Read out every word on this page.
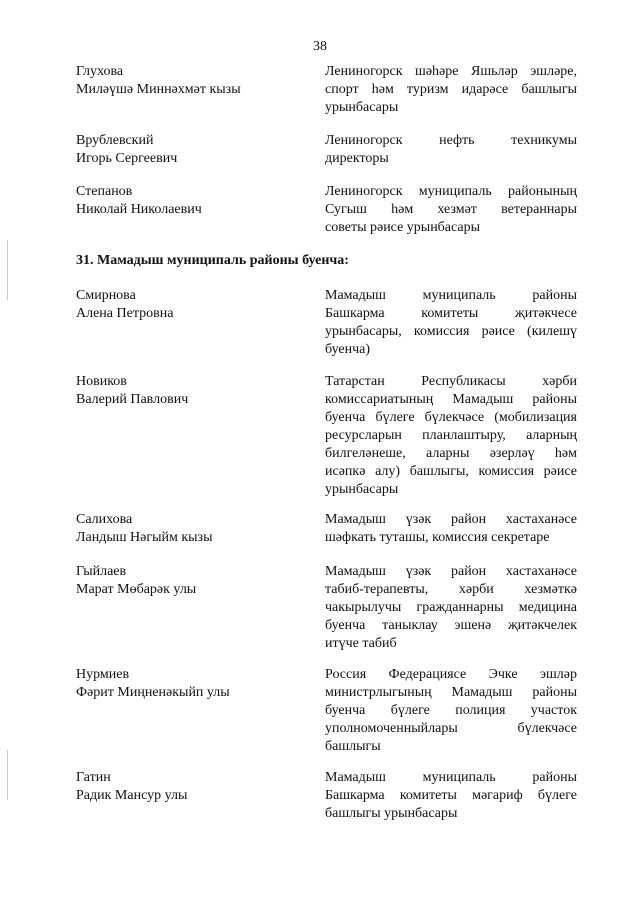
38
Глухова
Миләүшә Миннәхмәт кызы
Лениногорск шәһәре Яшьләр эшләре,
спорт һәм туризм идарәсе башлыгы
урынбасары
Врублевский
Игорь Сергеевич
Лениногорск нефть техникумы
директоры
Степанов
Николай Николаевич
Лениногорск муниципаль районының
Сугыш һәм хезмәт ветераннары
советы рәисе урынбасары
31. Мамадыш муниципаль районы буенча:
Смирнова
Алена Петровна
Мамадыш муниципаль районы
Башкарма комитеты җитәкчесе
урынбасары, комиссия рәисе (килешү
буенча)
Новиков
Валерий Павлович
Татарстан Республикасы хәрби
комиссариатының Мамадыш районы
буенча бүлеге бүлекчәсе (мобилизация
ресурсларын планлаштыру, аларның
билгеләнеше, аларны әзерләү һәм
исәпкә алу) башлыгы, комиссия рәисе
урынбасары
Салихова
Ландыш Нәгыйм кызы
Мамадыш үзәк район хастаханәсе
шәфкать туташы, комиссия секретаре
Гыйлаев
Марат Мөбарәк улы
Мамадыш үзәк район хастаханәсе
табиб-терапевты, хәрби хезмәткә
чакырылучы гражданнарны медицина
буенча таныклау эшенә җитәкчелек
итүче табиб
Нурмиев
Фәрит Миңненәкыйп улы
Россия Федерациясе Эчке эшләр
министрлыгының Мамадыш районы
буенча бүлеге полиция участок
уполномоченныйлары бүлекчәсе
башлыгы
Гатин
Радик Мансур улы
Мамадыш муниципаль районы
Башкарма комитеты мәгариф бүлеге
башлыгы урынбасары
